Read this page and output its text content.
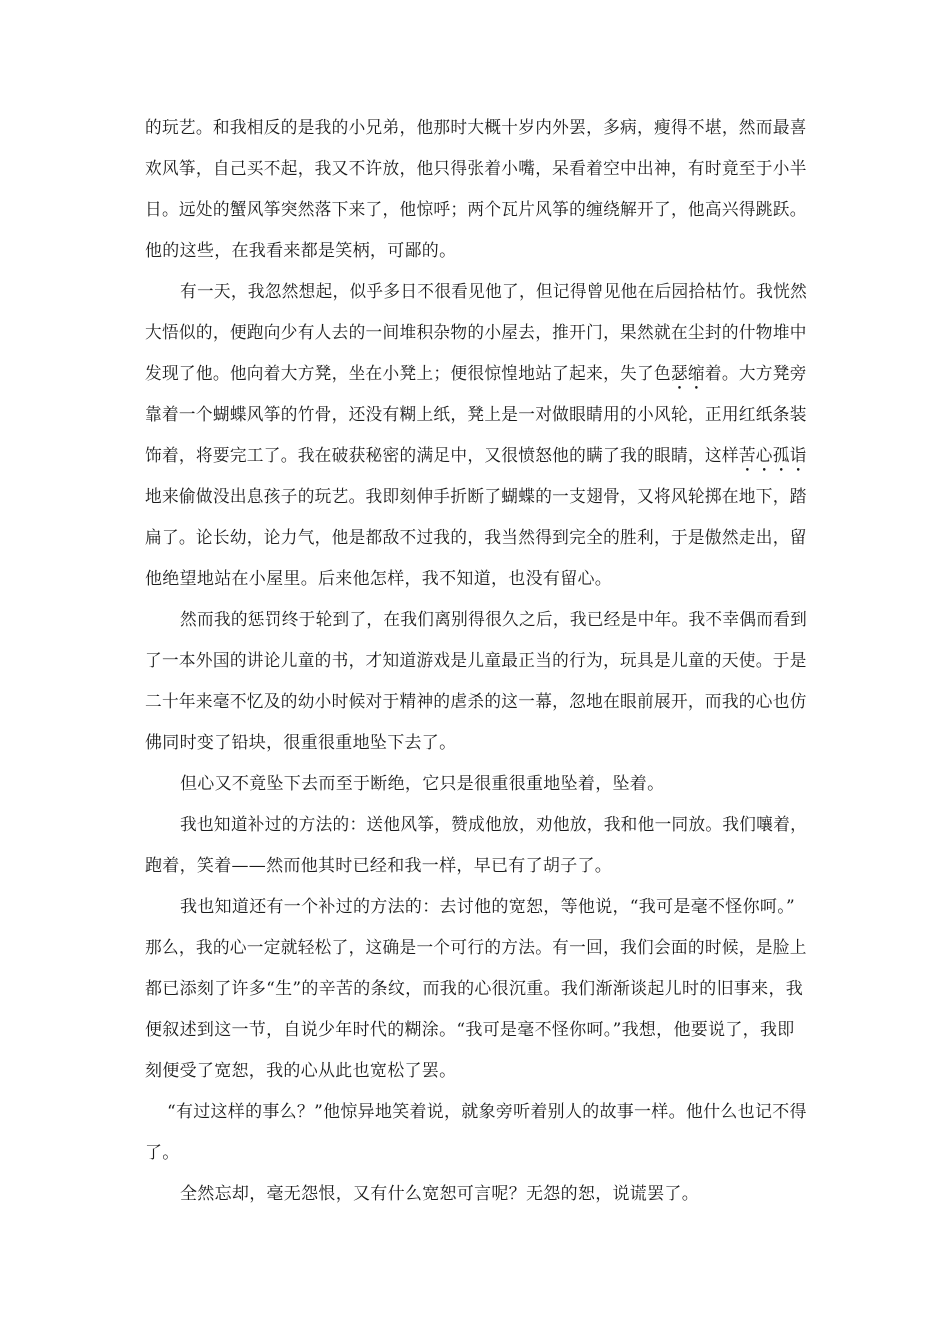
的玩艺。和我相反的是我的小兄弟，他那时大概十岁内外罢，多病，瘦得不堪，然而最喜
欢风筝，自己买不起，我又不许放，他只得张着小嘴，呆看着空中出神，有时竟至于小半
日。远处的蟹风筝突然落下来了，他惊呼；两个瓦片风筝的缠绕解开了，他高兴得跳跃。
他的这些，在我看来都是笑柄，可鄙的。
有一天，我忽然想起，似乎多日不很看见他了，但记得曾见他在后园拾枯竹。我恍然
大悟似的，便跑向少有人去的一间堆积杂物的小屋去，推开门，果然就在尘封的什物堆中
发现了他。他向着大方凳，坐在小凳上；便很惊惶地站了起来，失了色瑟缩着。大方凳旁
靠着一个蝴蝶风筝的竹骨，还没有糊上纸，凳上是一对做眼睛用的小风轮，正用红纸条装
饰着，将要完工了。我在破获秘密的满足中，又很愤怒他的瞒了我的眼睛，这样苦心孤诣
地来偷做没出息孩子的玩艺。我即刻伸手折断了蝴蝶的一支翅骨，又将风轮掷在地下，踏
扁了。论长幼，论力气，他是都敌不过我的，我当然得到完全的胜利，于是傲然走出，留
他绝望地站在小屋里。后来他怎样，我不知道，也没有留心。
然而我的惩罚终于轮到了，在我们离别得很久之后，我已经是中年。我不幸偶而看到
了一本外国的讲论儿童的书，才知道游戏是儿童最正当的行为，玩具是儿童的天使。于是
二十年来毫不忆及的幼小时候对于精神的虐杀的这一幕，忽地在眼前展开，而我的心也仿
佛同时变了铅块，很重很重地坠下去了。
但心又不竟坠下去而至于断绝，它只是很重很重地坠着，坠着。
我也知道补过的方法的：送他风筝，赞成他放，劝他放，我和他一同放。我们嚷着，
跑着，笑着——然而他其时已经和我一样，早已有了胡子了。
我也知道还有一个补过的方法的：去讨他的宽恕，等他说，“我可是毫不怪你呵。”
那么，我的心一定就轻松了，这确是一个可行的方法。有一回，我们会面的时候，是脸上
都已添刻了许多“生”的辛苦的条纹，而我的心很沉重。我们渐渐谈起儿时的旧事来，我
便叙述到这一节，自说少年时代的糊涂。“我可是毫不怪你呵。”我想，他要说了，我即
刻便受了宽恕，我的心从此也宽松了罢。
“有过这样的事么？”他惊异地笑着说，就象旁听着别人的故事一样。他什么也记不得
了。
全然忘却，毫无怨恨，又有什么宽恕可言呢？无怨的恕，说谎罢了。
